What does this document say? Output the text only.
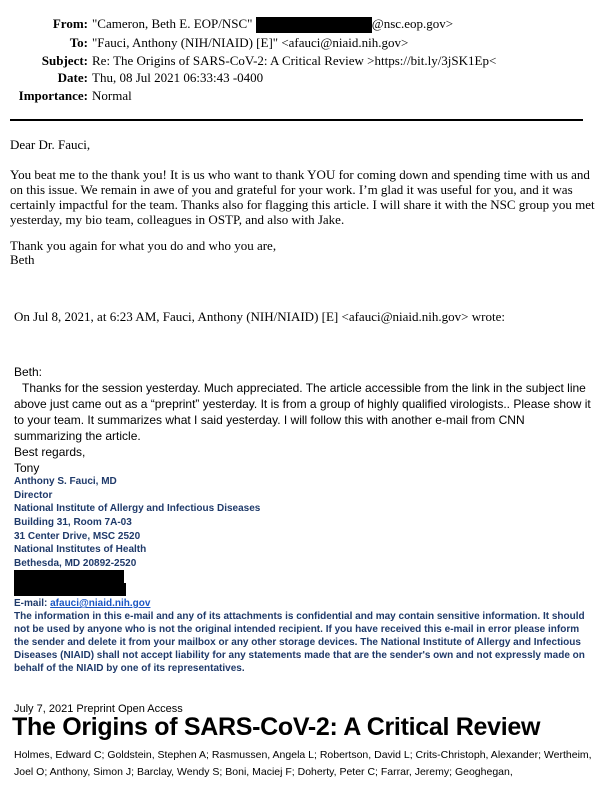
From: "Cameron, Beth E. EOP/NSC"	@nsc.eop.gov>
To: "Fauci, Anthony (NIH/NIAID) [E]" <afauci@niaid.nih.gov>
Subject: Re: The Origins of SARS-CoV-2: A Critical Review >https://bit.ly/3jSK1Ep<
Date: Thu, 08 Jul 2021 06:33:43 -0400
Importance: Normal
Dear Dr. Fauci,
You beat me to the thank you! It is us who want to thank YOU for coming down and spending time with us and on this issue. We remain in awe of you and grateful for your work. I’m glad it was useful for you, and it was certainly impactful for the team. Thanks also for flagging this article. I will share it with the NSC group you met yesterday, my bio team, colleagues in OSTP, and also with Jake.
Thank you again for what you do and who you are,
Beth
On Jul 8, 2021, at 6:23 AM, Fauci, Anthony (NIH/NIAID) [E] <afauci@niaid.nih.gov> wrote:
Beth:
Thanks for the session yesterday. Much appreciated. The article accessible from the link in the subject line above just came out as a “preprint” yesterday. It is from a group of highly qualified virologists.. Please show it to your team. It summarizes what I said yesterday. I will follow this with another e-mail from CNN summarizing the article.
Best regards,
Tony
Anthony S. Fauci, MD
Director
National Institute of Allergy and Infectious Diseases
Building 31, Room 7A-03
31 Center Drive, MSC 2520
National Institutes of Health
Bethesda, MD 20892-2520
E-mail: afauci@niaid.nih.gov
The information in this e-mail and any of its attachments is confidential and may contain sensitive information. It should not be used by anyone who is not the original intended recipient. If you have received this e-mail in error please inform the sender and delete it from your mailbox or any other storage devices. The National Institute of Allergy and Infectious Diseases (NIAID) shall not accept liability for any statements made that are the sender's own and not expressly made on behalf of the NIAID by one of its representatives.
July 7, 2021 Preprint Open Access
The Origins of SARS-CoV-2: A Critical Review
Holmes, Edward C; Goldstein, Stephen A; Rasmussen, Angela L; Robertson, David L; Crits-Christoph, Alexander; Wertheim, Joel O; Anthony, Simon J; Barclay, Wendy S; Boni, Maciej F; Doherty, Peter C; Farrar, Jeremy; Geoghegan,
